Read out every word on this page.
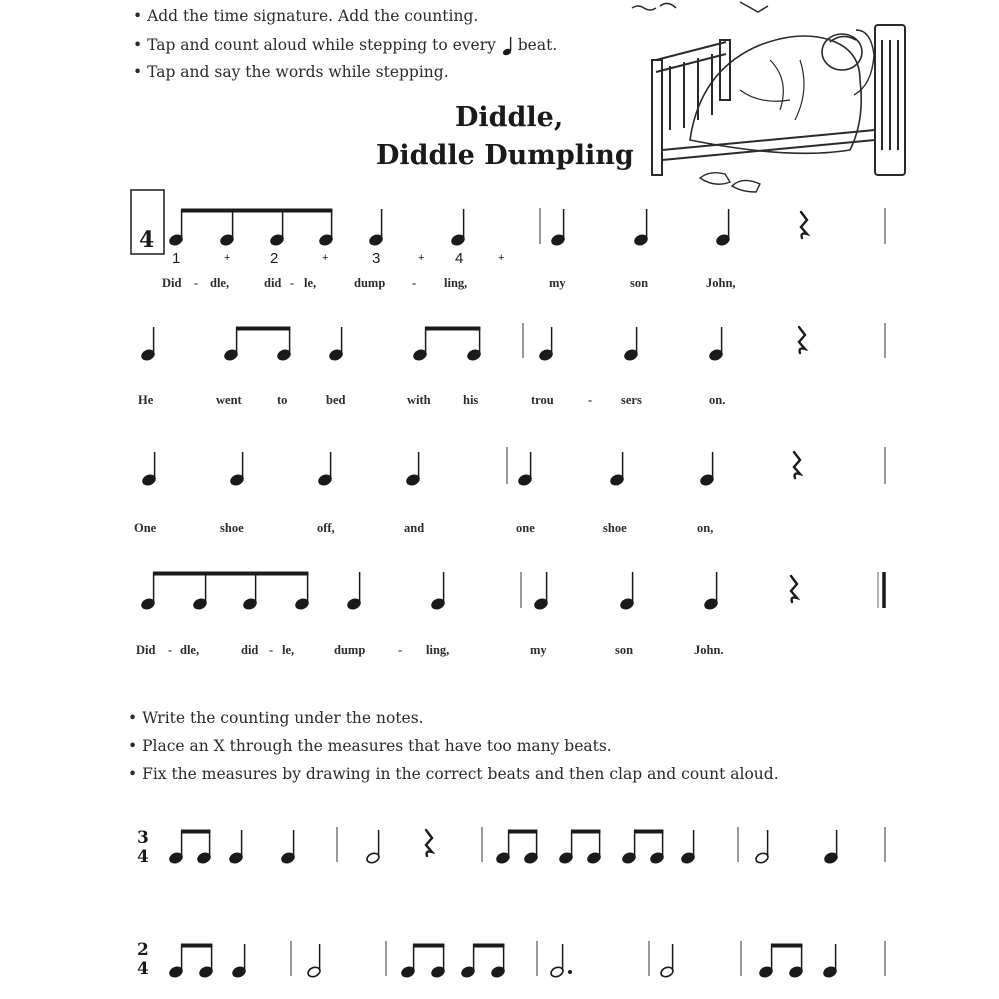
• Add the time signature. Add the counting.
• Tap and count aloud while stepping to every beat.
• Tap and say the words while stepping.
Diddle,
Diddle Dumpling
1	+	2	+	3	+ 4	+
Did - dle,	did - le,	dump - ling,	my	son	John,
He	went	to	bed	with	his	trou	- sers	on.
One	shoe	off,	and	one	shoe	on,
Did - dle,	did - le,	dump	- ling,	my	son	John.
• Write the counting under the notes.
• Place an X through the measures that have too many beats.
• Fix the measures by drawing in the correct beats and then clap and count aloud.
4
3
4
2
4
